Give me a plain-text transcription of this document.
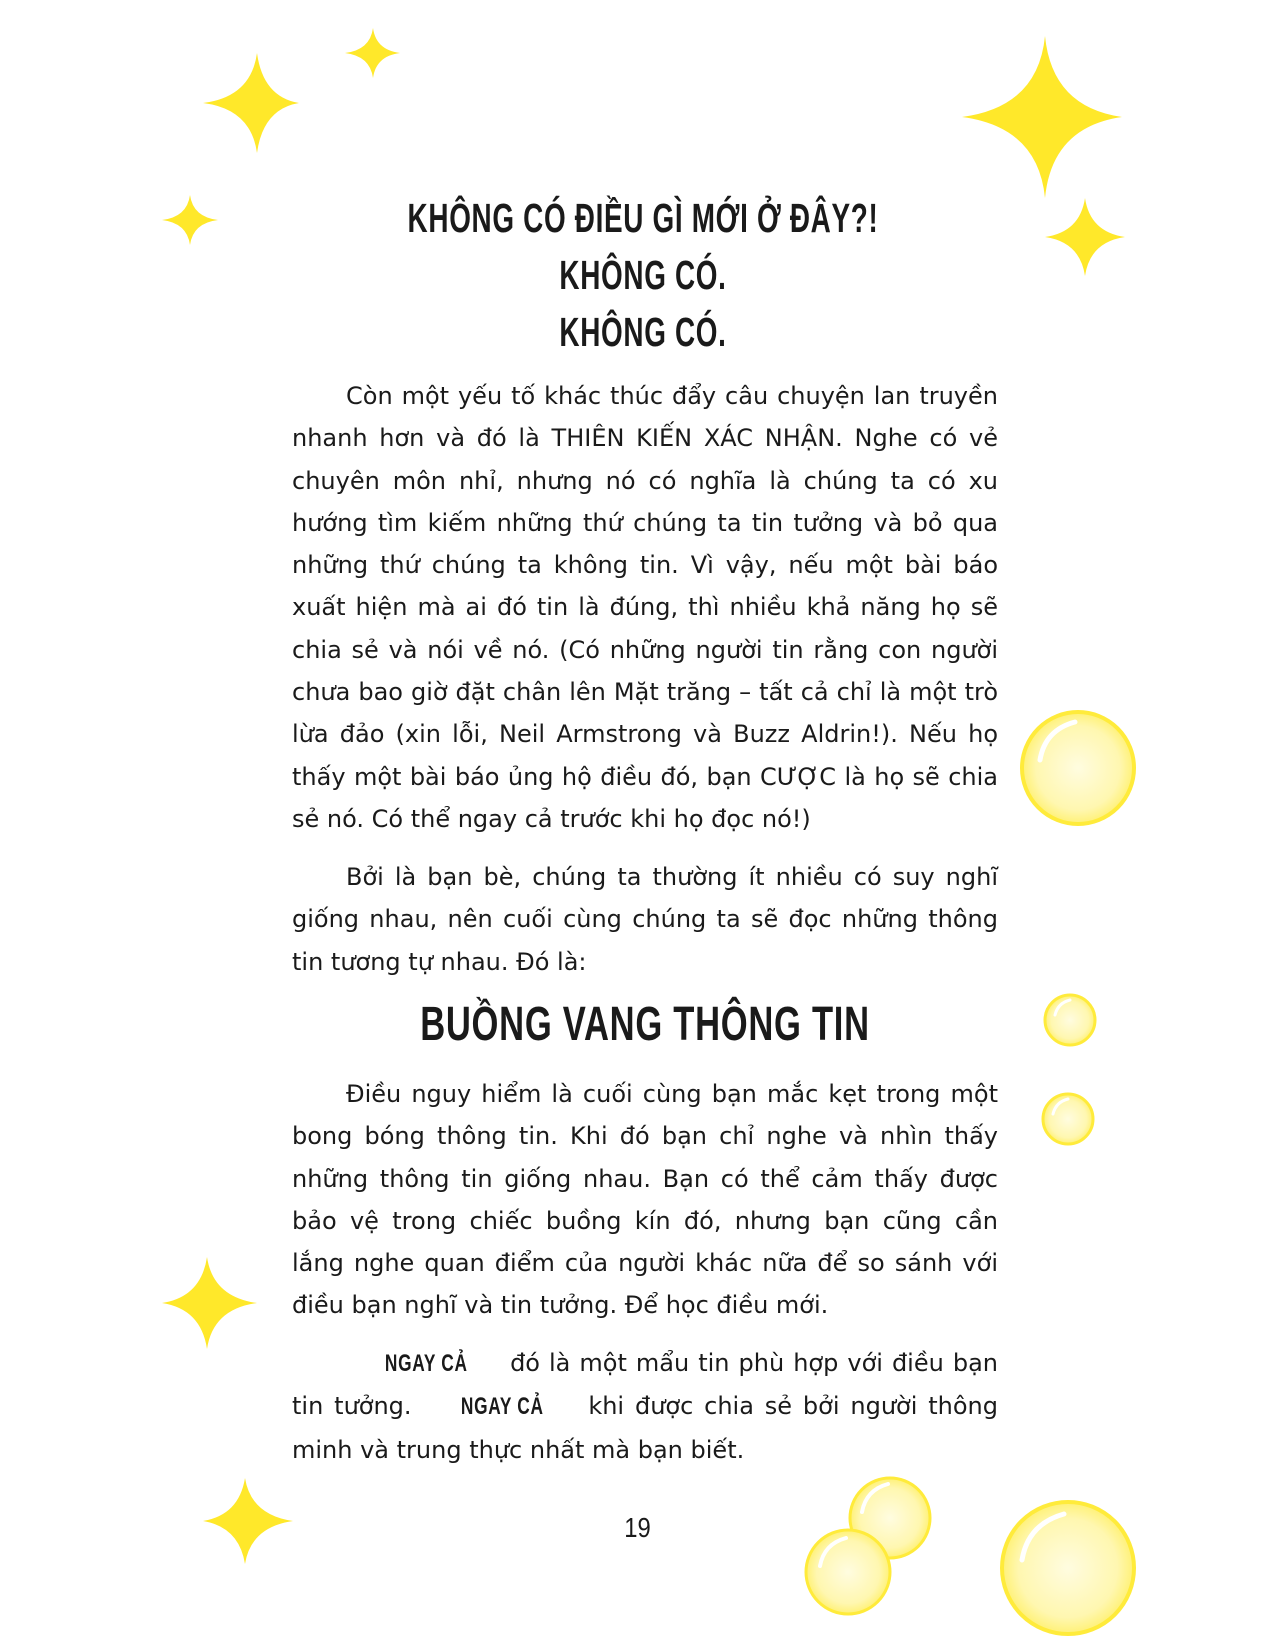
KHÔNG CÓ ĐIỀU GÌ MỚI Ở ĐÂY?!
KHÔNG CÓ.
KHÔNG CÓ.

Còn một yếu tố khác thúc đẩy câu chuyện lan truyền nhanh hơn và đó là THIÊN KIẾN XÁC NHẬN. Nghe có vẻ chuyên môn nhỉ, nhưng nó có nghĩa là chúng ta có xu hướng tìm kiếm những thứ chúng ta tin tưởng và bỏ qua những thứ chúng ta không tin. Vì vậy, nếu một bài báo xuất hiện mà ai đó tin là đúng, thì nhiều khả năng họ sẽ chia sẻ và nói về nó. (Có những người tin rằng con người chưa bao giờ đặt chân lên Mặt trăng – tất cả chỉ là một trò lừa đảo (xin lỗi, Neil Armstrong và Buzz Aldrin!). Nếu họ thấy một bài báo ủng hộ điều đó, bạn CƯỢC là họ sẽ chia sẻ nó. Có thể ngay cả trước khi họ đọc nó!)

Bởi là bạn bè, chúng ta thường ít nhiều có suy nghĩ giống nhau, nên cuối cùng chúng ta sẽ đọc những thông tin tương tự nhau. Đó là:

BUỒNG VANG THÔNG TIN

Điều nguy hiểm là cuối cùng bạn mắc kẹt trong một bong bóng thông tin. Khi đó bạn chỉ nghe và nhìn thấy những thông tin giống nhau. Bạn có thể cảm thấy được bảo vệ trong chiếc buồng kín đó, nhưng bạn cũng cần lắng nghe quan điểm của người khác nữa để so sánh với điều bạn nghĩ và tin tưởng. Để học điều mới.

NGAY CẢ đó là một mẩu tin phù hợp với điều bạn tin tưởng. NGAY CẢ khi được chia sẻ bởi người thông minh và trung thực nhất mà bạn biết.

19
